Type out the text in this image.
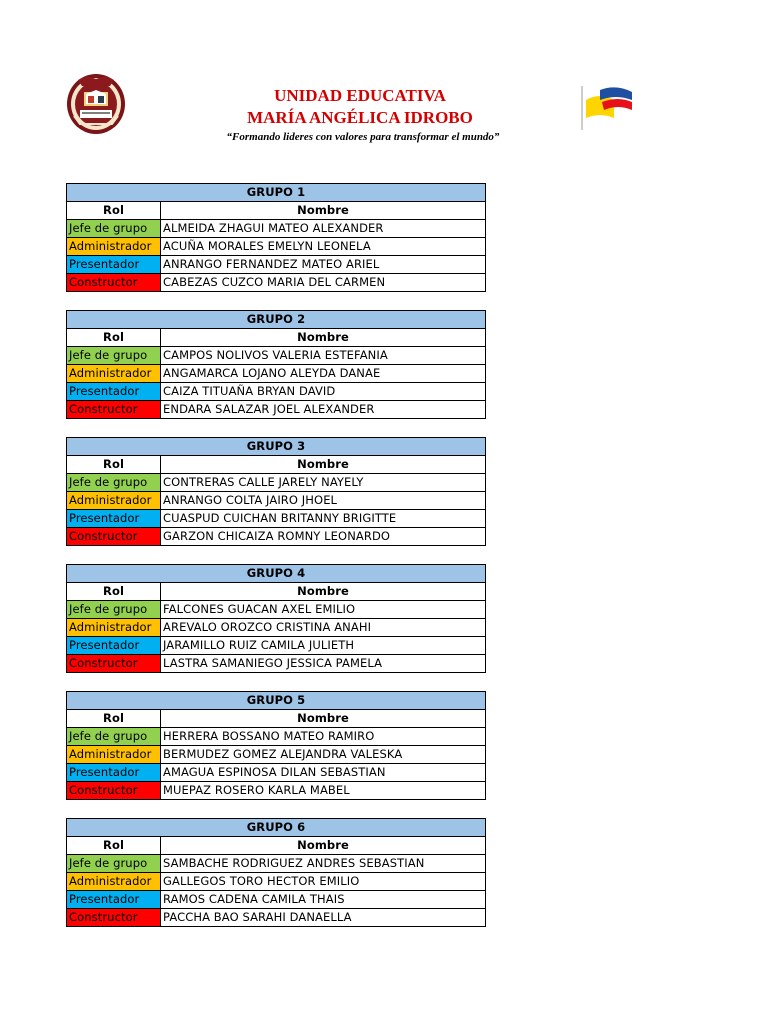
UNIDAD EDUCATIVA
MARÍA ANGÉLICA IDROBO
“Formando lideres con valores para transformar el mundo”
GRUPO 1	
Rol	Nombre
Jefe de grupo	ALMEIDA ZHAGUI MATEO ALEXANDER
Administrador	ACUÑA MORALES EMELYN LEONELA
Presentador	ANRANGO FERNANDEZ MATEO ARIEL
Constructor	CABEZAS CUZCO MARIA DEL CARMEN
GRUPO 2	
Rol	Nombre
Jefe de grupo	CAMPOS NOLIVOS VALERIA ESTEFANIA
Administrador	ANGAMARCA LOJANO ALEYDA DANAE
Presentador	CAIZA TITUAÑA BRYAN DAVID
Constructor	ENDARA SALAZAR JOEL ALEXANDER
GRUPO 3	
Rol	Nombre
Jefe de grupo	CONTRERAS CALLE JARELY NAYELY
Administrador	ANRANGO COLTA JAIRO JHOEL
Presentador	CUASPUD CUICHAN BRITANNY BRIGITTE
Constructor	GARZON CHICAIZA ROMNY LEONARDO
GRUPO 4	
Rol	Nombre
Jefe de grupo	FALCONES GUACAN AXEL EMILIO
Administrador	AREVALO OROZCO CRISTINA ANAHI
Presentador	JARAMILLO RUIZ CAMILA JULIETH
Constructor	LASTRA SAMANIEGO JESSICA PAMELA
GRUPO 5	
Rol	Nombre
Jefe de grupo	HERRERA BOSSANO MATEO RAMIRO
Administrador	BERMUDEZ GOMEZ ALEJANDRA VALESKA
Presentador	AMAGUA ESPINOSA DILAN SEBASTIAN
Constructor	MUEPAZ ROSERO KARLA MABEL
GRUPO 6	
Rol	Nombre
Jefe de grupo	SAMBACHE RODRIGUEZ ANDRES SEBASTIAN
Administrador	GALLEGOS TORO HECTOR EMILIO
Presentador	RAMOS CADENA CAMILA THAIS
Constructor	PACCHA BAO SARAHI DANAELLA
